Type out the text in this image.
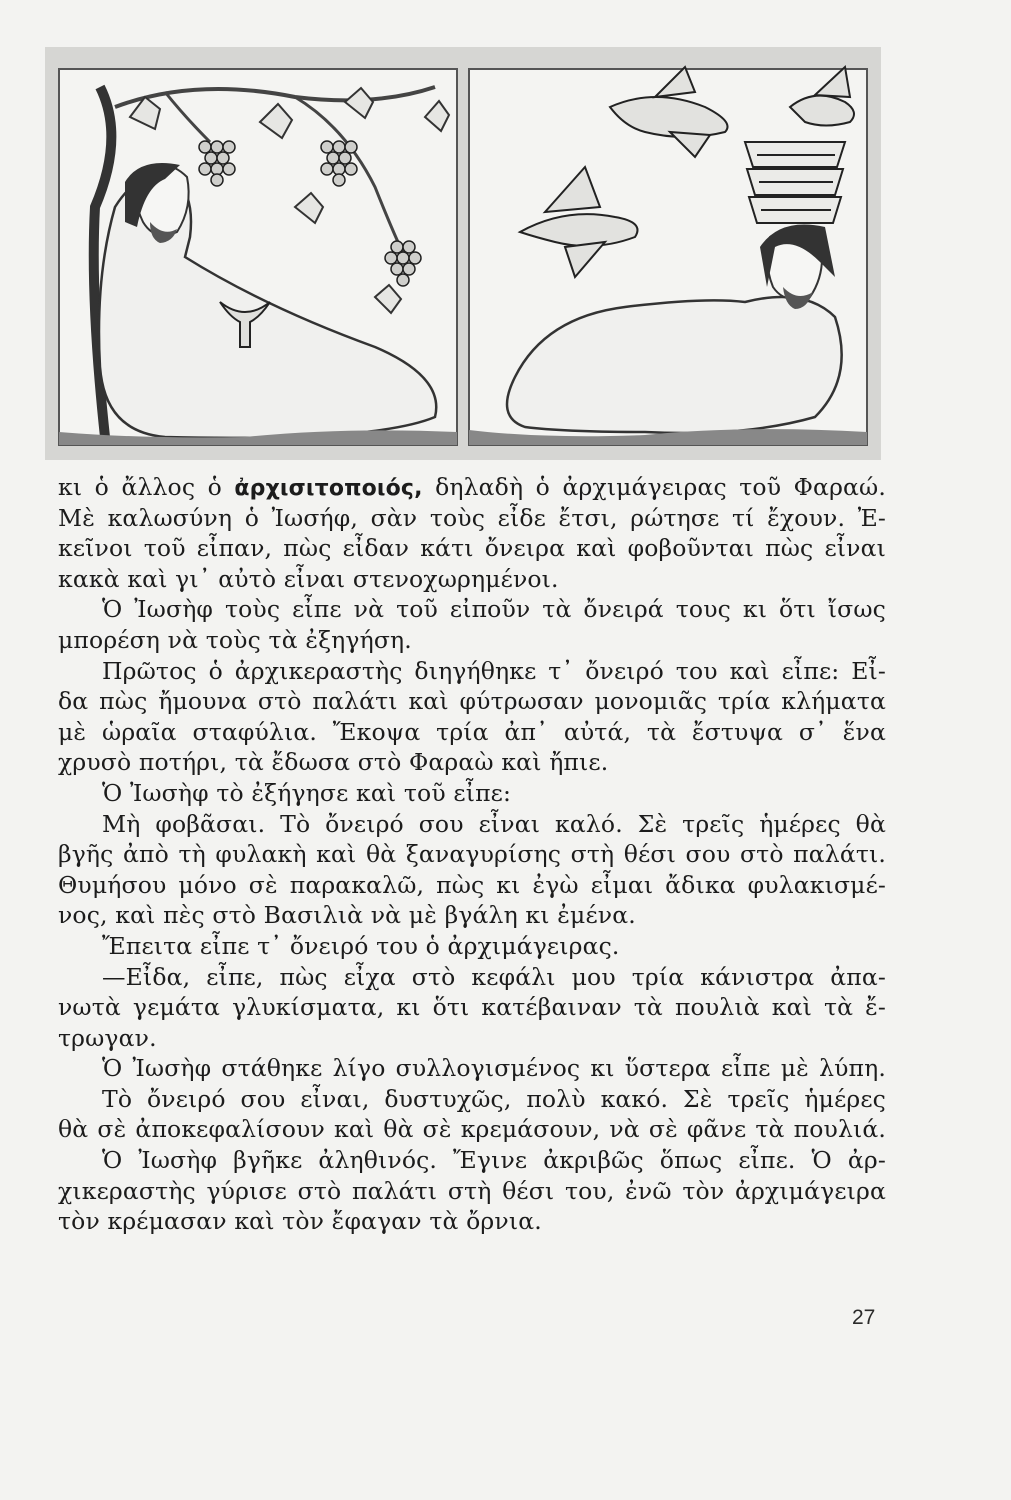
κι ὁ ἄλλος ὁ ἀρχισιτοποιός, δηλαδὴ ὁ ἀρχιμάγειρας τοῦ Φαραώ.
Μὲ καλωσύνη ὁ Ἰωσήφ, σὰν τοὺς εἶδε ἔτσι, ρώτησε τί ἔχουν. Ἐ-
κεῖνοι τοῦ εἶπαν, πὼς εἶδαν κάτι ὄνειρα καὶ φοβοῦνται πὼς εἶναι
κακὰ καὶ γι᾿ αὐτὸ εἶναι στενοχωρημένοι.
Ὁ Ἰωσὴφ τοὺς εἶπε νὰ τοῦ εἰποῦν τὰ ὄνειρά τους κι ὅτι ἴσως
μπορέση νὰ τοὺς τὰ ἐξηγήση.
Πρῶτος ὁ ἀρχικεραστὴς διηγήθηκε τ᾿ ὄνειρό του καὶ εἶπε: Εἶ-
δα πὼς ἤμουνα στὸ παλάτι καὶ φύτρωσαν μονομιᾶς τρία κλήματα
μὲ ὡραῖα σταφύλια. Ἔκοψα τρία ἀπ᾿ αὐτά, τὰ ἔστυψα σ᾿ ἕνα
χρυσὸ ποτήρι, τὰ ἔδωσα στὸ Φαραὼ καὶ ἤπιε.
Ὁ Ἰωσὴφ τὸ ἐξήγησε καὶ τοῦ εἶπε:
Μὴ φοβᾶσαι. Τὸ ὄνειρό σου εἶναι καλό. Σὲ τρεῖς ἡμέρες θὰ
βγῆς ἀπὸ τὴ φυλακὴ καὶ θὰ ξαναγυρίσης στὴ θέσι σου στὸ παλάτι.
Θυμήσου μόνο σὲ παρακαλῶ, πὼς κι ἐγὼ εἶμαι ἄδικα φυλακισμέ-
νος, καὶ πὲς στὸ Βασιλιὰ νὰ μὲ βγάλη κι ἐμένα.
Ἔπειτα εἶπε τ᾿ ὄνειρό του ὁ ἀρχιμάγειρας.
—Εἶδα, εἶπε, πὼς εἶχα στὸ κεφάλι μου τρία κάνιστρα ἀπα-
νωτὰ γεμάτα γλυκίσματα, κι ὅτι κατέβαιναν τὰ πουλιὰ καὶ τὰ ἔ-
τρωγαν.
Ὁ Ἰωσὴφ στάθηκε λίγο συλλογισμένος κι ὕστερα εἶπε μὲ λύπη.
Τὸ ὄνειρό σου εἶναι, δυστυχῶς, πολὺ κακό. Σὲ τρεῖς ἡμέρες
θὰ σὲ ἀποκεφαλίσουν καὶ θὰ σὲ κρεμάσουν, νὰ σὲ φᾶνε τὰ πουλιά.
Ὁ Ἰωσὴφ βγῆκε ἀληθινός. Ἔγινε ἀκριβῶς ὅπως εἶπε. Ὁ ἀρ-
χικεραστὴς γύρισε στὸ παλάτι στὴ θέσι του, ἐνῶ τὸν ἀρχιμάγειρα
τὸν κρέμασαν καὶ τὸν ἔφαγαν τὰ ὄρνια.
27
